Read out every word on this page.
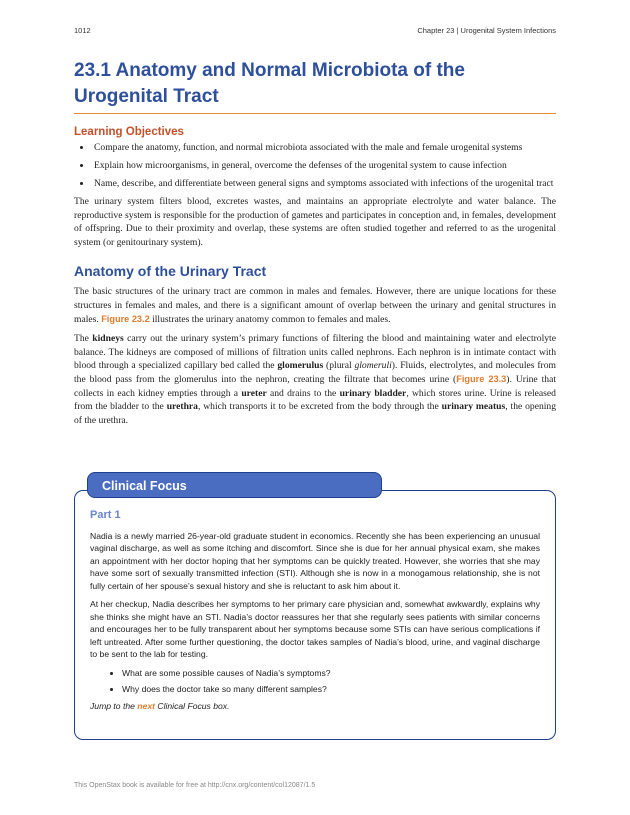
1012	Chapter 23 | Urogenital System Infections
23.1 Anatomy and Normal Microbiota of the Urogenital Tract
Learning Objectives
• Compare the anatomy, function, and normal microbiota associated with the male and female urogenital systems
• Explain how microorganisms, in general, overcome the defenses of the urogenital system to cause infection
• Name, describe, and differentiate between general signs and symptoms associated with infections of the urogenital tract

The urinary system filters blood, excretes wastes, and maintains an appropriate electrolyte and water balance. The reproductive system is responsible for the production of gametes and participates in conception and, in females, development of offspring. Due to their proximity and overlap, these systems are often studied together and referred to as the urogenital system (or genitourinary system).

Anatomy of the Urinary Tract

The basic structures of the urinary tract are common in males and females. However, there are unique locations for these structures in females and males, and there is a significant amount of overlap between the urinary and genital structures in males. Figure 23.2 illustrates the urinary anatomy common to females and males.

The kidneys carry out the urinary system’s primary functions of filtering the blood and maintaining water and electrolyte balance. The kidneys are composed of millions of filtration units called nephrons. Each nephron is in intimate contact with blood through a specialized capillary bed called the glomerulus (plural glomeruli). Fluids, electrolytes, and molecules from the blood pass from the glomerulus into the nephron, creating the filtrate that becomes urine (Figure 23.3). Urine that collects in each kidney empties through a ureter and drains to the urinary bladder, which stores urine. Urine is released from the bladder to the urethra, which transports it to be excreted from the body through the urinary meatus, the opening of the urethra.

Clinical Focus
Part 1

Nadia is a newly married 26-year-old graduate student in economics. Recently she has been experiencing an unusual vaginal discharge, as well as some itching and discomfort. Since she is due for her annual physical exam, she makes an appointment with her doctor hoping that her symptoms can be quickly treated. However, she worries that she may have some sort of sexually transmitted infection (STI). Although she is now in a monogamous relationship, she is not fully certain of her spouse’s sexual history and she is reluctant to ask him about it.

At her checkup, Nadia describes her symptoms to her primary care physician and, somewhat awkwardly, explains why she thinks she might have an STI. Nadia’s doctor reassures her that she regularly sees patients with similar concerns and encourages her to be fully transparent about her symptoms because some STIs can have serious complications if left untreated. After some further questioning, the doctor takes samples of Nadia’s blood, urine, and vaginal discharge to be sent to the lab for testing.

• What are some possible causes of Nadia’s symptoms?
• Why does the doctor take so many different samples?

Jump to the next Clinical Focus box.

This OpenStax book is available for free at http://cnx.org/content/col12087/1.5
